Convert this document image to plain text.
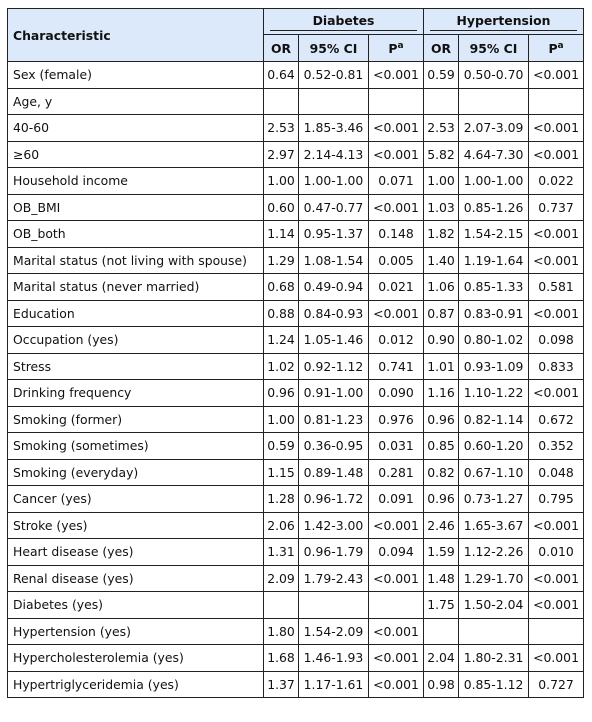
Characteristic	Diabetes			Hypertension		

	OR	95% CI	$P^a$	OR	95% CI	$P^a$
Sex (female)	0.64	0.52-0.81	<0.001	0.59	0.50-0.70	<0.001
Age, y						
40-60	2.53	1.85-3.46	<0.001	2.53	2.07-3.09	<0.001
≥60	2.97	2.14-4.13	<0.001	5.82	4.64-7.30	<0.001
Household income	1.00	1.00-1.00	0.071	1.00	1.00-1.00	0.022
OB_BMI	0.60	0.47-0.77	<0.001	1.03	0.85-1.26	0.737
OB_both	1.14	0.95-1.37	0.148	1.82	1.54-2.15	<0.001
Marital status (not living with spouse)	1.29	1.08-1.54	0.005	1.40	1.19-1.64	<0.001
Marital status (never married)	0.68	0.49-0.94	0.021	1.06	0.85-1.33	0.581
Education	0.88	0.84-0.93	<0.001	0.87	0.83-0.91	<0.001
Occupation (yes)	1.24	1.05-1.46	0.012	0.90	0.80-1.02	0.098
Stress	1.02	0.92-1.12	0.741	1.01	0.93-1.09	0.833
Drinking frequency	0.96	0.91-1.00	0.090	1.16	1.10-1.22	<0.001
Smoking (former)	1.00	0.81-1.23	0.976	0.96	0.82-1.14	0.672
Smoking (sometimes)	0.59	0.36-0.95	0.031	0.85	0.60-1.20	0.352
Smoking (everyday)	1.15	0.89-1.48	0.281	0.82	0.67-1.10	0.048
Cancer (yes)	1.28	0.96-1.72	0.091	0.96	0.73-1.27	0.795
Stroke (yes)	2.06	1.42-3.00	<0.001	2.46	1.65-3.67	<0.001
Heart disease (yes)	1.31	0.96-1.79	0.094	1.59	1.12-2.26	0.010
Renal disease (yes)	2.09	1.79-2.43	<0.001	1.48	1.29-1.70	<0.001
Diabetes (yes)				1.75	1.50-2.04	<0.001
Hypertension (yes)	1.80	1.54-2.09	<0.001			
Hypercholesterolemia (yes)	1.68	1.46-1.93	<0.001	2.04	1.80-2.31	<0.001
Hypertriglyceridemia (yes)	1.37	1.17-1.61	<0.001	0.98	0.85-1.12	0.727
